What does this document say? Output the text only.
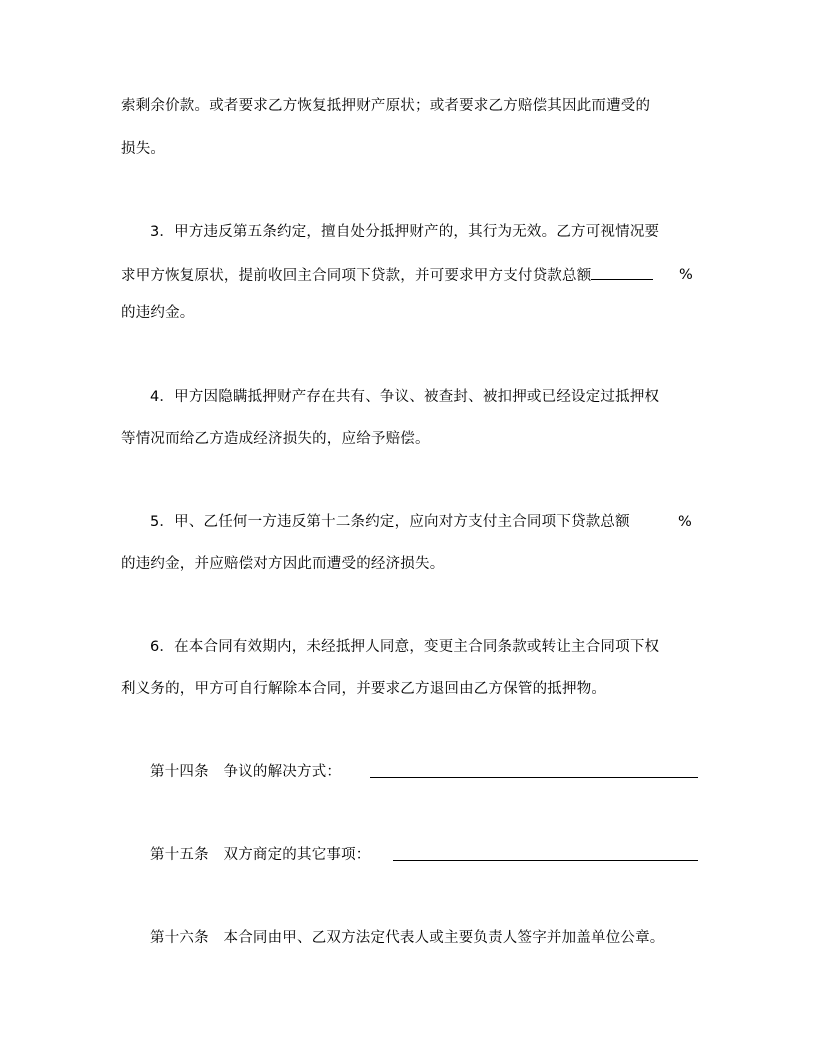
索剩余价款。或者要求乙方恢复抵押财产原状；或者要求乙方赔偿其因此而遭受的
损失。
3．甲方违反第五条约定，擅自处分抵押财产的，其行为无效。乙方可视情况要
求甲方恢复原状，提前收回主合同项下贷款，并可要求甲方支付贷款总额	%
的违约金。
4．甲方因隐瞒抵押财产存在共有、争议、被查封、被扣押或已经设定过抵押权
等情况而给乙方造成经济损失的，应给予赔偿。
5．甲、乙任何一方违反第十二条约定，应向对方支付主合同项下贷款总额	%
的违约金，并应赔偿对方因此而遭受的经济损失。
6．在本合同有效期内，未经抵押人同意，变更主合同条款或转让主合同项下权
利义务的，甲方可自行解除本合同，并要求乙方退回由乙方保管的抵押物。
第十四条　争议的解决方式：
第十五条　双方商定的其它事项：
第十六条　本合同由甲、乙双方法定代表人或主要负责人签字并加盖单位公章。
